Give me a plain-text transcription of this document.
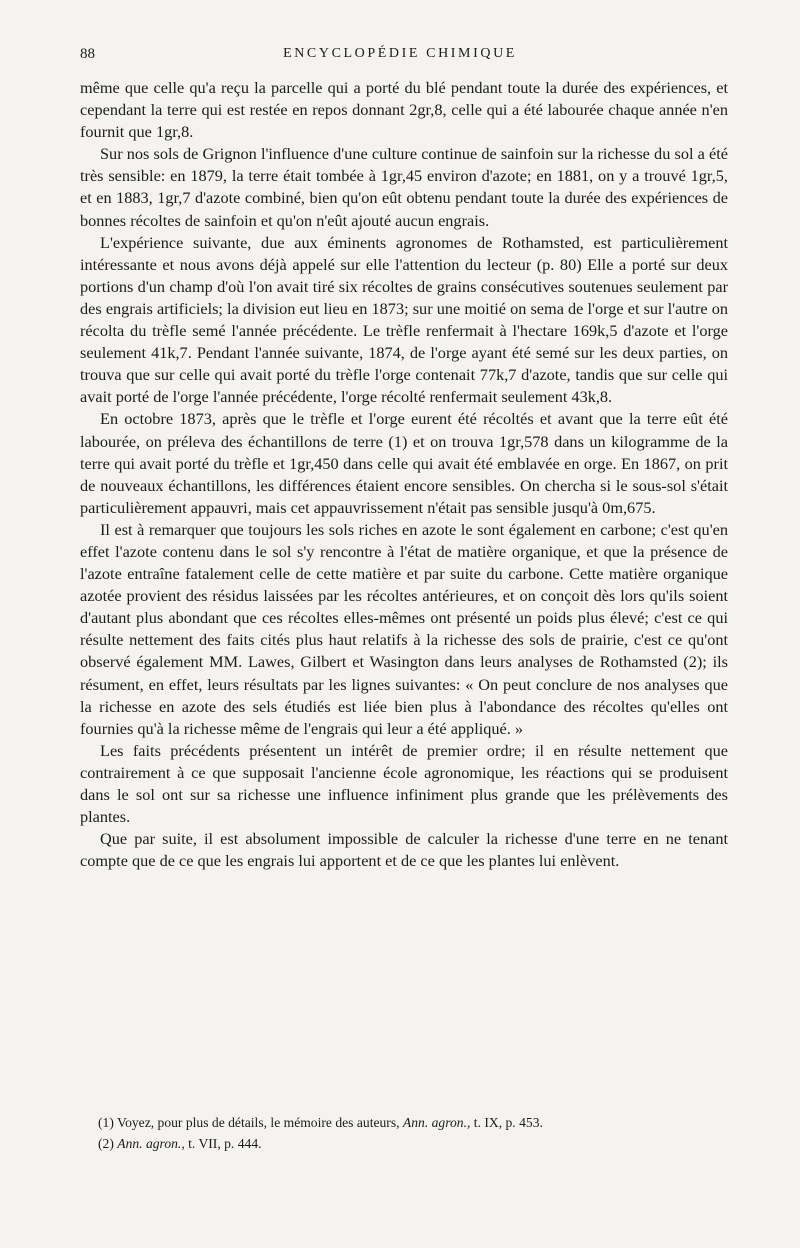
88	ENCYCLOPÉDIE CHIMIQUE

même que celle qu'a reçu la parcelle qui a porté du blé pendant toute la durée des expériences, et cependant la terre qui est restée en repos donnant 2gr,8, celle qui a été labourée chaque année n'en fournit que 1gr,8.

Sur nos sols de Grignon l'influence d'une culture continue de sainfoin sur la richesse du sol a été très sensible: en 1879, la terre était tombée à 1gr,45 environ d'azote; en 1881, on y a trouvé 1gr,5, et en 1883, 1gr,7 d'azote combiné, bien qu'on eût obtenu pendant toute la durée des expériences de bonnes récoltes de sainfoin et qu'on n'eût ajouté aucun engrais.

L'expérience suivante, due aux éminents agronomes de Rothamsted, est particulièrement intéressante et nous avons déjà appelé sur elle l'attention du lecteur (p. 80) Elle a porté sur deux portions d'un champ d'où l'on avait tiré six récoltes de grains consécutives soutenues seulement par des engrais artificiels; la division eut lieu en 1873; sur une moitié on sema de l'orge et sur l'autre on récolta du trèfle semé l'année précédente. Le trèfle renfermait à l'hectare 169k,5 d'azote et l'orge seulement 41k,7. Pendant l'année suivante, 1874, de l'orge ayant été semé sur les deux parties, on trouva que sur celle qui avait porté du trèfle l'orge contenait 77k,7 d'azote, tandis que sur celle qui avait porté de l'orge l'année précédente, l'orge récolté renfermait seulement 43k,8.

En octobre 1873, après que le trèfle et l'orge eurent été récoltés et avant que la terre eût été labourée, on préleva des échantillons de terre (1) et on trouva 1gr,578 dans un kilogramme de la terre qui avait porté du trèfle et 1gr,450 dans celle qui avait été emblavée en orge. En 1867, on prit de nouveaux échantillons, les différences étaient encore sensibles. On chercha si le sous-sol s'était particulièrement appauvri, mais cet appauvrissement n'était pas sensible jusqu'à 0m,675.

Il est à remarquer que toujours les sols riches en azote le sont également en carbone; c'est qu'en effet l'azote contenu dans le sol s'y rencontre à l'état de matière organique, et que la présence de l'azote entraîne fatalement celle de cette matière et par suite du carbone. Cette matière organique azotée provient des résidus laissées par les récoltes antérieures, et on conçoit dès lors qu'ils soient d'autant plus abondant que ces récoltes elles-mêmes ont présenté un poids plus élevé; c'est ce qui résulte nettement des faits cités plus haut relatifs à la richesse des sols de prairie, c'est ce qu'ont observé également MM. Lawes, Gilbert et Wasington dans leurs analyses de Rothamsted (2); ils résument, en effet, leurs résultats par les lignes suivantes: « On peut conclure de nos analyses que la richesse en azote des sels étudiés est liée bien plus à l'abondance des récoltes qu'elles ont fournies qu'à la richesse même de l'engrais qui leur a été appliqué. »

Les faits précédents présentent un intérêt de premier ordre; il en résulte nettement que contrairement à ce que supposait l'ancienne école agronomique, les réactions qui se produisent dans le sol ont sur sa richesse une influence infiniment plus grande que les prélèvements des plantes.

Que par suite, il est absolument impossible de calculer la richesse d'une terre en ne tenant compte que de ce que les engrais lui apportent et de ce que les plantes lui enlèvent.

(1) Voyez, pour plus de détails, le mémoire des auteurs, Ann. agron., t. IX, p. 453.

(2) Ann. agron., t. VII, p. 444.
